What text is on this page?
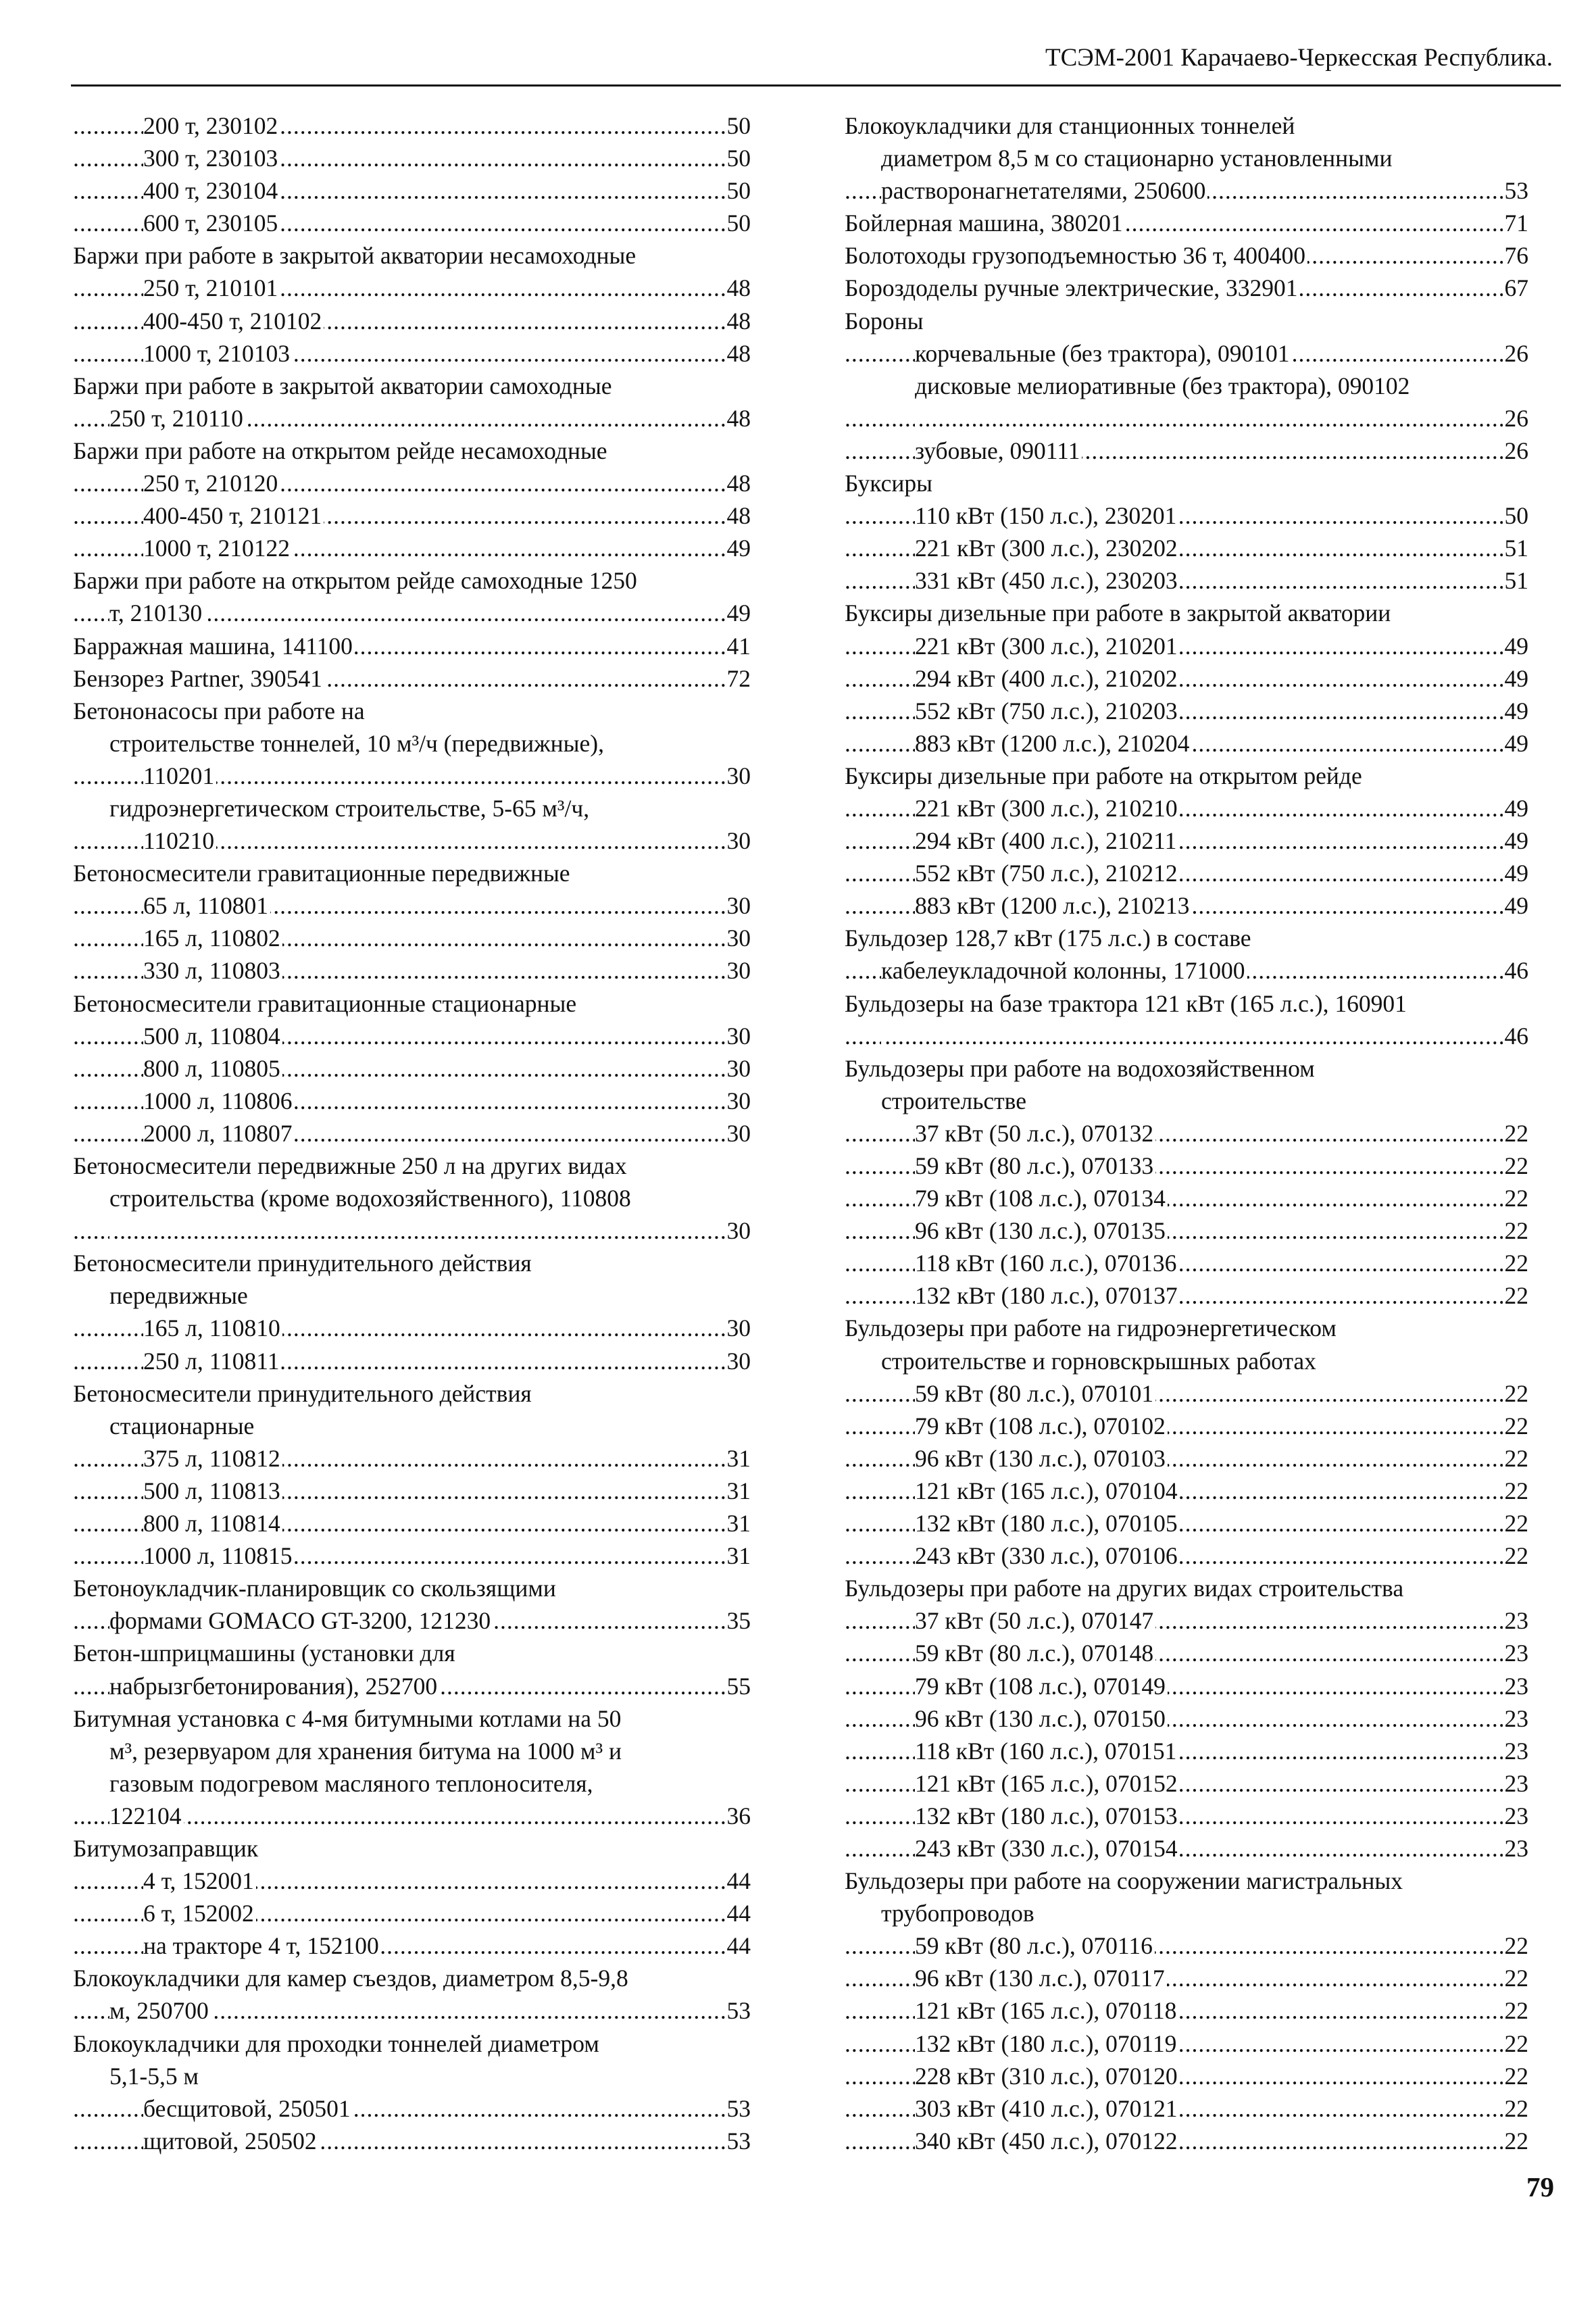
ТСЭМ-2001 Карачаево-Черкесская Республика.
200 т, 230102	50
.....
300 т, 230103	50
.....
400 т, 230104	50
.....
600 т, 230105	50
.....
Баржи при работе в закрытой акватории несамоходные
250 т, 210101	48
.....
400-450 т, 210102	48
.....
1000 т, 210103	48
.....
Баржи при работе в закрытой акватории самоходные
250 т, 210110	48
.....
Баржи при работе на открытом рейде несамоходные
250 т, 210120	48
.....
400-450 т, 210121	48
.....
1000 т, 210122	49
.....
Баржи при работе на открытом рейде самоходные 1250
т, 210130	49
.....
Барражная машина, 141100	41
.....
Бензорез Partner, 390541	72
.....
Бетононасосы при работе на
строительстве тоннелей, 10 м³/ч (передвижные),
110201	30
.....
гидроэнергетическом строительстве, 5-65 м³/ч,
110210	30
.....
Бетоносмесители гравитационные передвижные
65 л, 110801	30
.....
165 л, 110802	30
.....
330 л, 110803	30
.....
Бетоносмесители гравитационные стационарные
500 л, 110804	30
.....
800 л, 110805	30
.....
1000 л, 110806	30
.....
2000 л, 110807	30
.....
Бетоносмесители передвижные 250 л на других видах
строительства (кроме водохозяйственного), 110808
30
.....
Бетоносмесители принудительного действия
передвижные
165 л, 110810	30
.....
250 л, 110811	30
.....
Бетоносмесители принудительного действия
стационарные
375 л, 110812	31
.....
500 л, 110813	31
.....
800 л, 110814	31
.....
1000 л, 110815	31
.....
Бетоноукладчик-планировщик со скользящими
формами GOMACO GT-3200, 121230	35
.....
Бетон-шприцмашины (установки для
набрызгбетонирования), 252700	55
.....
Битумная установка с 4-мя битумными котлами на 50
м³, резервуаром для хранения битума на 1000 м³ и
газовым подогревом масляного теплоносителя,
122104	36
.....
Битумозаправщик
4 т, 152001	44
.....
6 т, 152002	44
.....
на тракторе 4 т, 152100	44
.....
Блокоукладчики для камер съездов, диаметром 8,5-9,8
м, 250700	53
.....
Блокоукладчики для проходки тоннелей диаметром
5,1-5,5 м
бесщитовой, 250501	53
.....
щитовой, 250502	53
.....
Блокоукладчики для станционных тоннелей
диаметром 8,5 м со стационарно установленными
растворонагнетателями, 250600	53
.....
Бойлерная машина, 380201	71
.....
Болотоходы грузоподъемностью 36 т, 400400	76
.....
Бороздоделы ручные электрические, 332901	67
.....
Бороны
корчевальные (без трактора), 090101	26
.....
дисковые мелиоративные (без трактора), 090102
26
.....
зубовые, 090111	26
.....
Буксиры
110 кВт (150 л.с.), 230201	50
.....
221 кВт (300 л.с.), 230202	51
.....
331 кВт (450 л.с.), 230203	51
.....
Буксиры дизельные при работе в закрытой акватории
221 кВт (300 л.с.), 210201	49
.....
294 кВт (400 л.с.), 210202	49
.....
552 кВт (750 л.с.), 210203	49
.....
883 кВт (1200 л.с.), 210204	49
.....
Буксиры дизельные при работе на открытом рейде
221 кВт (300 л.с.), 210210	49
.....
294 кВт (400 л.с.), 210211	49
.....
552 кВт (750 л.с.), 210212	49
.....
883 кВт (1200 л.с.), 210213	49
.....
Бульдозер 128,7 кВт (175 л.с.) в составе
кабелеукладочной колонны, 171000	46
.....
Бульдозеры на базе трактора 121 кВт (165 л.с.), 160901
46
.....
Бульдозеры при работе на водохозяйственном
строительстве
37 кВт (50 л.с.), 070132	22
.....
59 кВт (80 л.с.), 070133	22
.....
79 кВт (108 л.с.), 070134	22
.....
96 кВт (130 л.с.), 070135	22
.....
118 кВт (160 л.с.), 070136	22
.....
132 кВт (180 л.с.), 070137	22
.....
Бульдозеры при работе на гидроэнергетическом
строительстве и горновскрышных работах
59 кВт (80 л.с.), 070101	22
.....
79 кВт (108 л.с.), 070102	22
.....
96 кВт (130 л.с.), 070103	22
.....
121 кВт (165 л.с.), 070104	22
.....
132 кВт (180 л.с.), 070105	22
.....
243 кВт (330 л.с.), 070106	22
.....
Бульдозеры при работе на других видах строительства
37 кВт (50 л.с.), 070147	23
.....
59 кВт (80 л.с.), 070148	23
.....
79 кВт (108 л.с.), 070149	23
.....
96 кВт (130 л.с.), 070150	23
.....
118 кВт (160 л.с.), 070151	23
.....
121 кВт (165 л.с.), 070152	23
.....
132 кВт (180 л.с.), 070153	23
.....
243 кВт (330 л.с.), 070154	23
.....
Бульдозеры при работе на сооружении магистральных
трубопроводов
59 кВт (80 л.с.), 070116	22
.....
96 кВт (130 л.с.), 070117	22
.....
121 кВт (165 л.с.), 070118	22
.....
132 кВт (180 л.с.), 070119	22
.....
228 кВт (310 л.с.), 070120	22
.....
303 кВт (410 л.с.), 070121	22
.....
340 кВт (450 л.с.), 070122	22
.....
79
